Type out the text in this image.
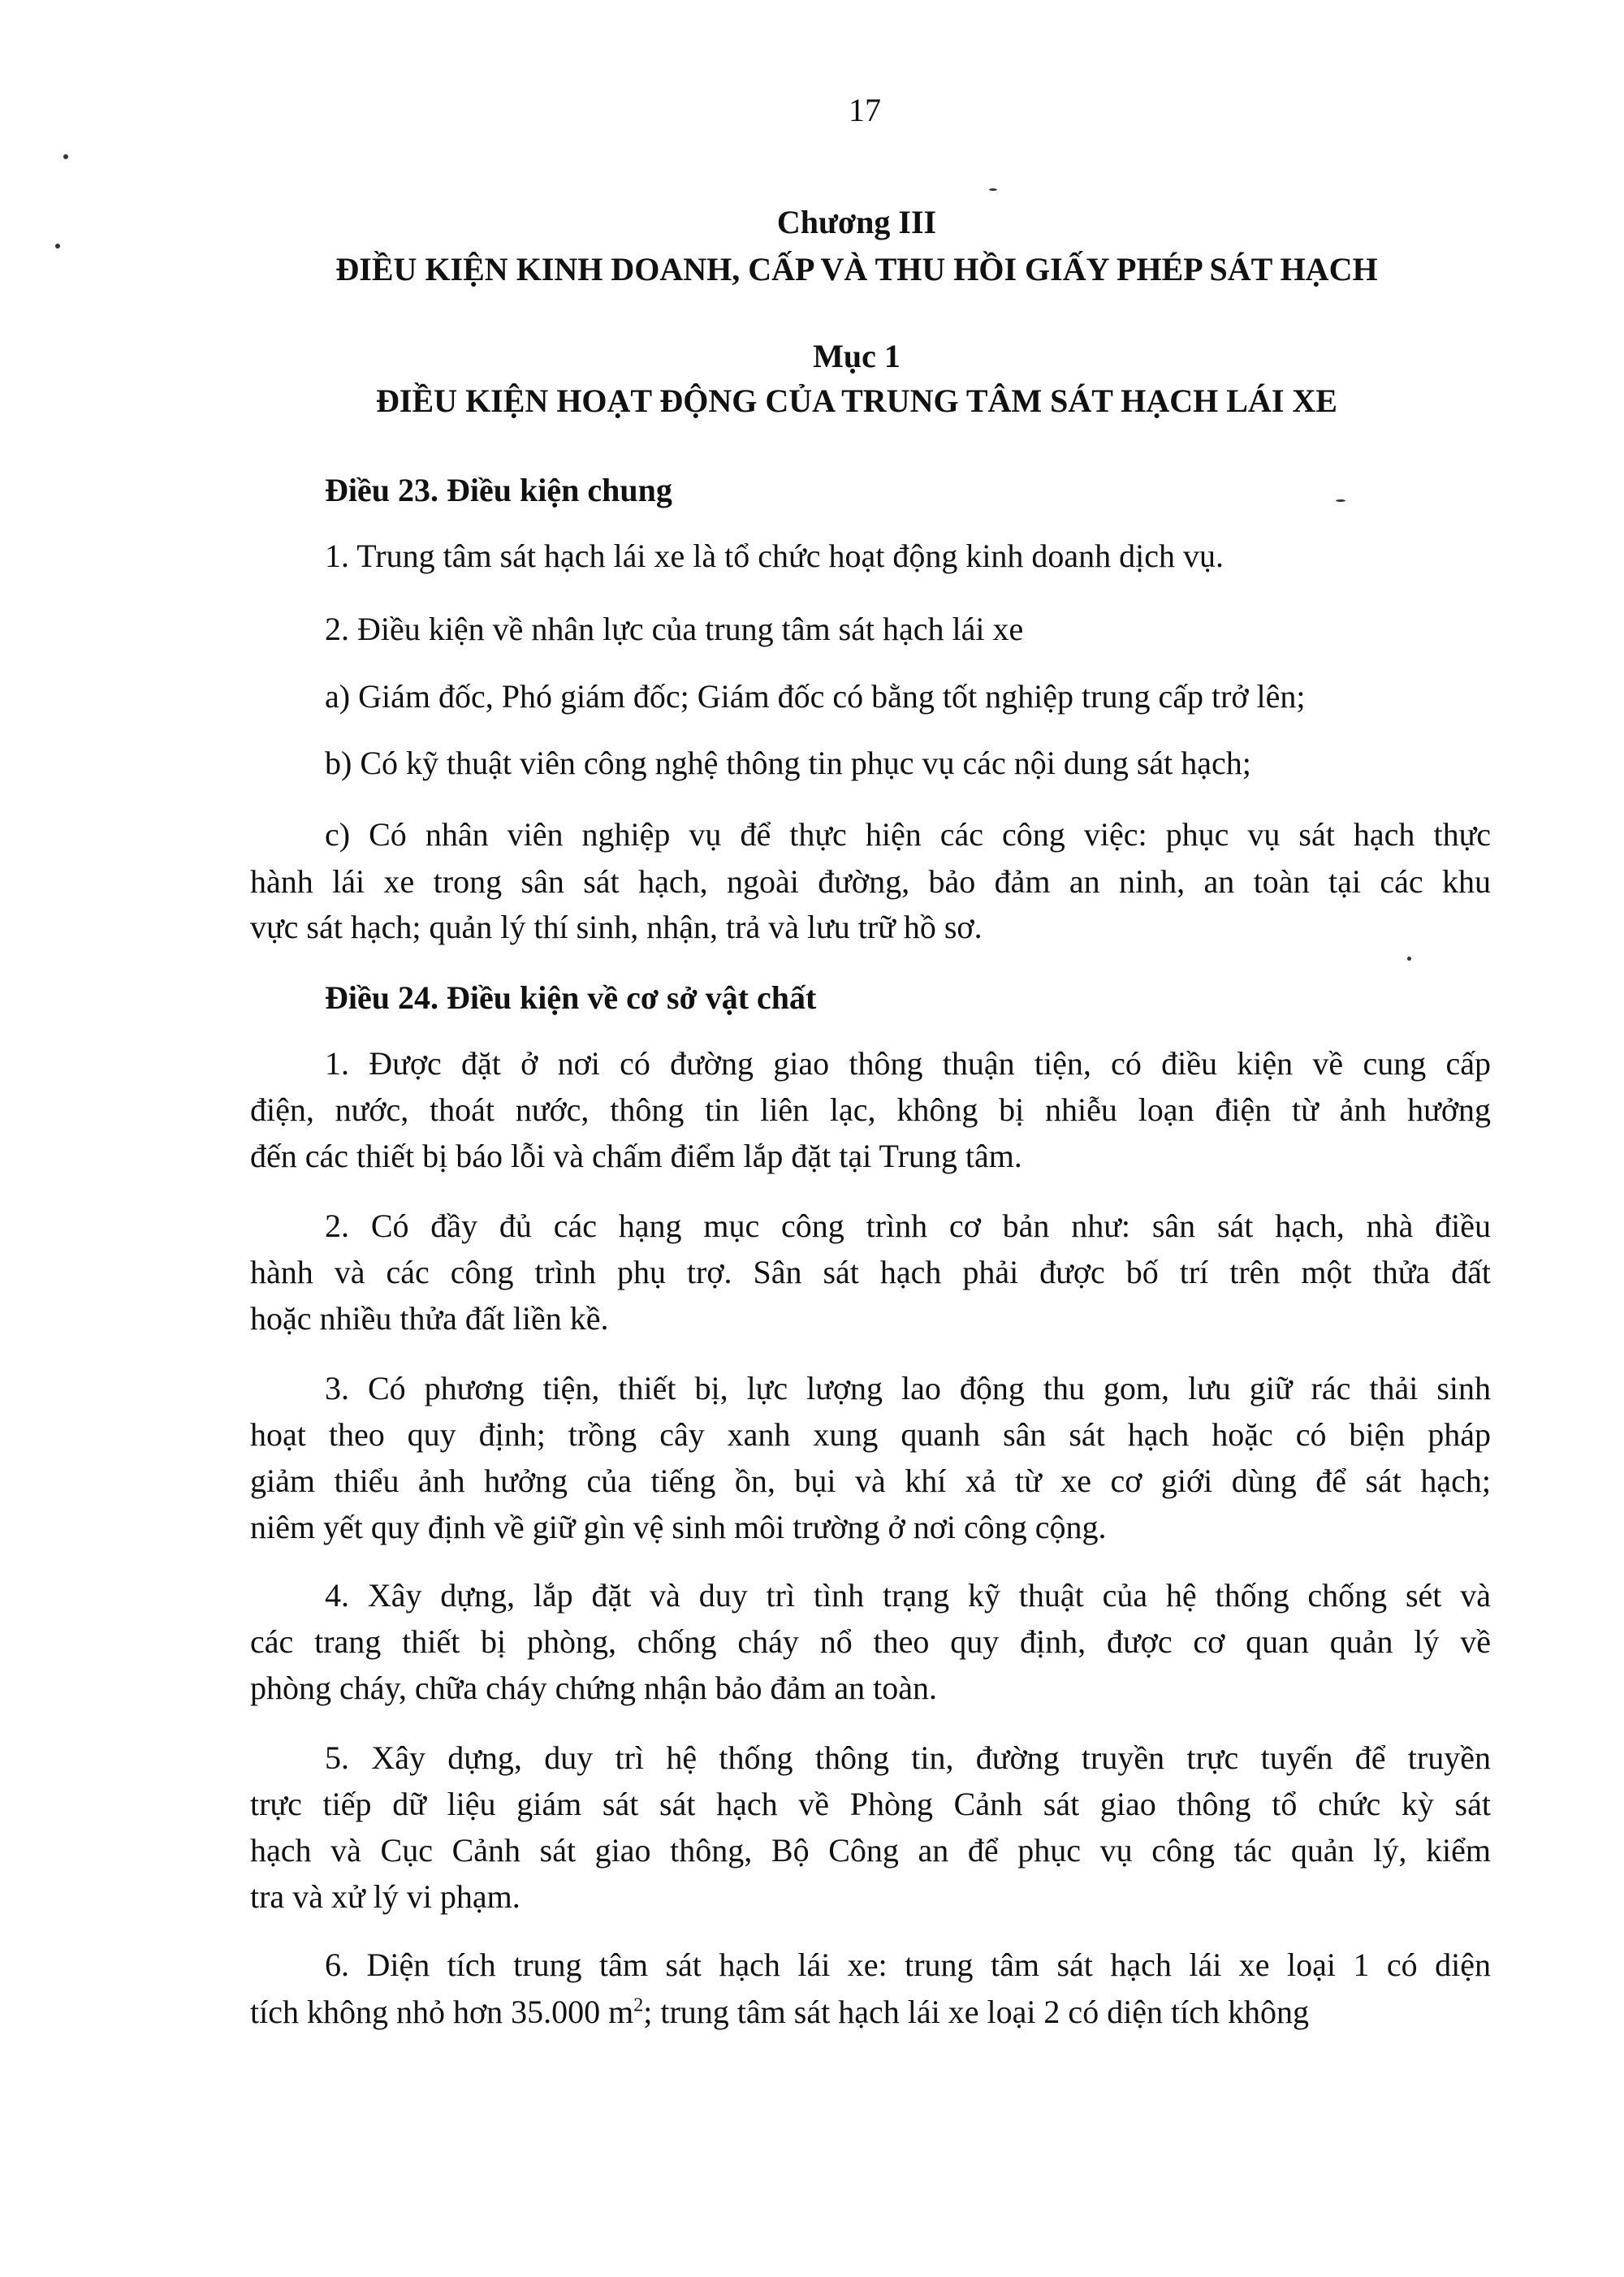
17
Chương III
ĐIỀU KIỆN KINH DOANH, CẤP VÀ THU HỒI GIẤY PHÉP SÁT HẠCH
Mục 1
ĐIỀU KIỆN HOẠT ĐỘNG CỦA TRUNG TÂM SÁT HẠCH LÁI XE
Điều 23. Điều kiện chung
1. Trung tâm sát hạch lái xe là tổ chức hoạt động kinh doanh dịch vụ.
2. Điều kiện về nhân lực của trung tâm sát hạch lái xe
a) Giám đốc, Phó giám đốc; Giám đốc có bằng tốt nghiệp trung cấp trở lên;
b) Có kỹ thuật viên công nghệ thông tin phục vụ các nội dung sát hạch;
c) Có nhân viên nghiệp vụ để thực hiện các công việc: phục vụ sát hạch thực
hành lái xe trong sân sát hạch, ngoài đường, bảo đảm an ninh, an toàn tại các khu
vực sát hạch; quản lý thí sinh, nhận, trả và lưu trữ hồ sơ.
Điều 24. Điều kiện về cơ sở vật chất
1. Được đặt ở nơi có đường giao thông thuận tiện, có điều kiện về cung cấp
điện, nước, thoát nước, thông tin liên lạc, không bị nhiễu loạn điện từ ảnh hưởng
đến các thiết bị báo lỗi và chấm điểm lắp đặt tại Trung tâm.
2. Có đầy đủ các hạng mục công trình cơ bản như: sân sát hạch, nhà điều
hành và các công trình phụ trợ. Sân sát hạch phải được bố trí trên một thửa đất
hoặc nhiều thửa đất liền kề.
3. Có phương tiện, thiết bị, lực lượng lao động thu gom, lưu giữ rác thải sinh
hoạt theo quy định; trồng cây xanh xung quanh sân sát hạch hoặc có biện pháp
giảm thiểu ảnh hưởng của tiếng ồn, bụi và khí xả từ xe cơ giới dùng để sát hạch;
niêm yết quy định về giữ gìn vệ sinh môi trường ở nơi công cộng.
4. Xây dựng, lắp đặt và duy trì tình trạng kỹ thuật của hệ thống chống sét và
các trang thiết bị phòng, chống cháy nổ theo quy định, được cơ quan quản lý về
phòng cháy, chữa cháy chứng nhận bảo đảm an toàn.
5. Xây dựng, duy trì hệ thống thông tin, đường truyền trực tuyến để truyền
trực tiếp dữ liệu giám sát sát hạch về Phòng Cảnh sát giao thông tổ chức kỳ sát
hạch và Cục Cảnh sát giao thông, Bộ Công an để phục vụ công tác quản lý, kiểm
tra và xử lý vi phạm.
6. Diện tích trung tâm sát hạch lái xe: trung tâm sát hạch lái xe loại 1 có diện
tích không nhỏ hơn 35.000 $m^2$; trung tâm sát hạch lái xe loại 2 có diện tích không
